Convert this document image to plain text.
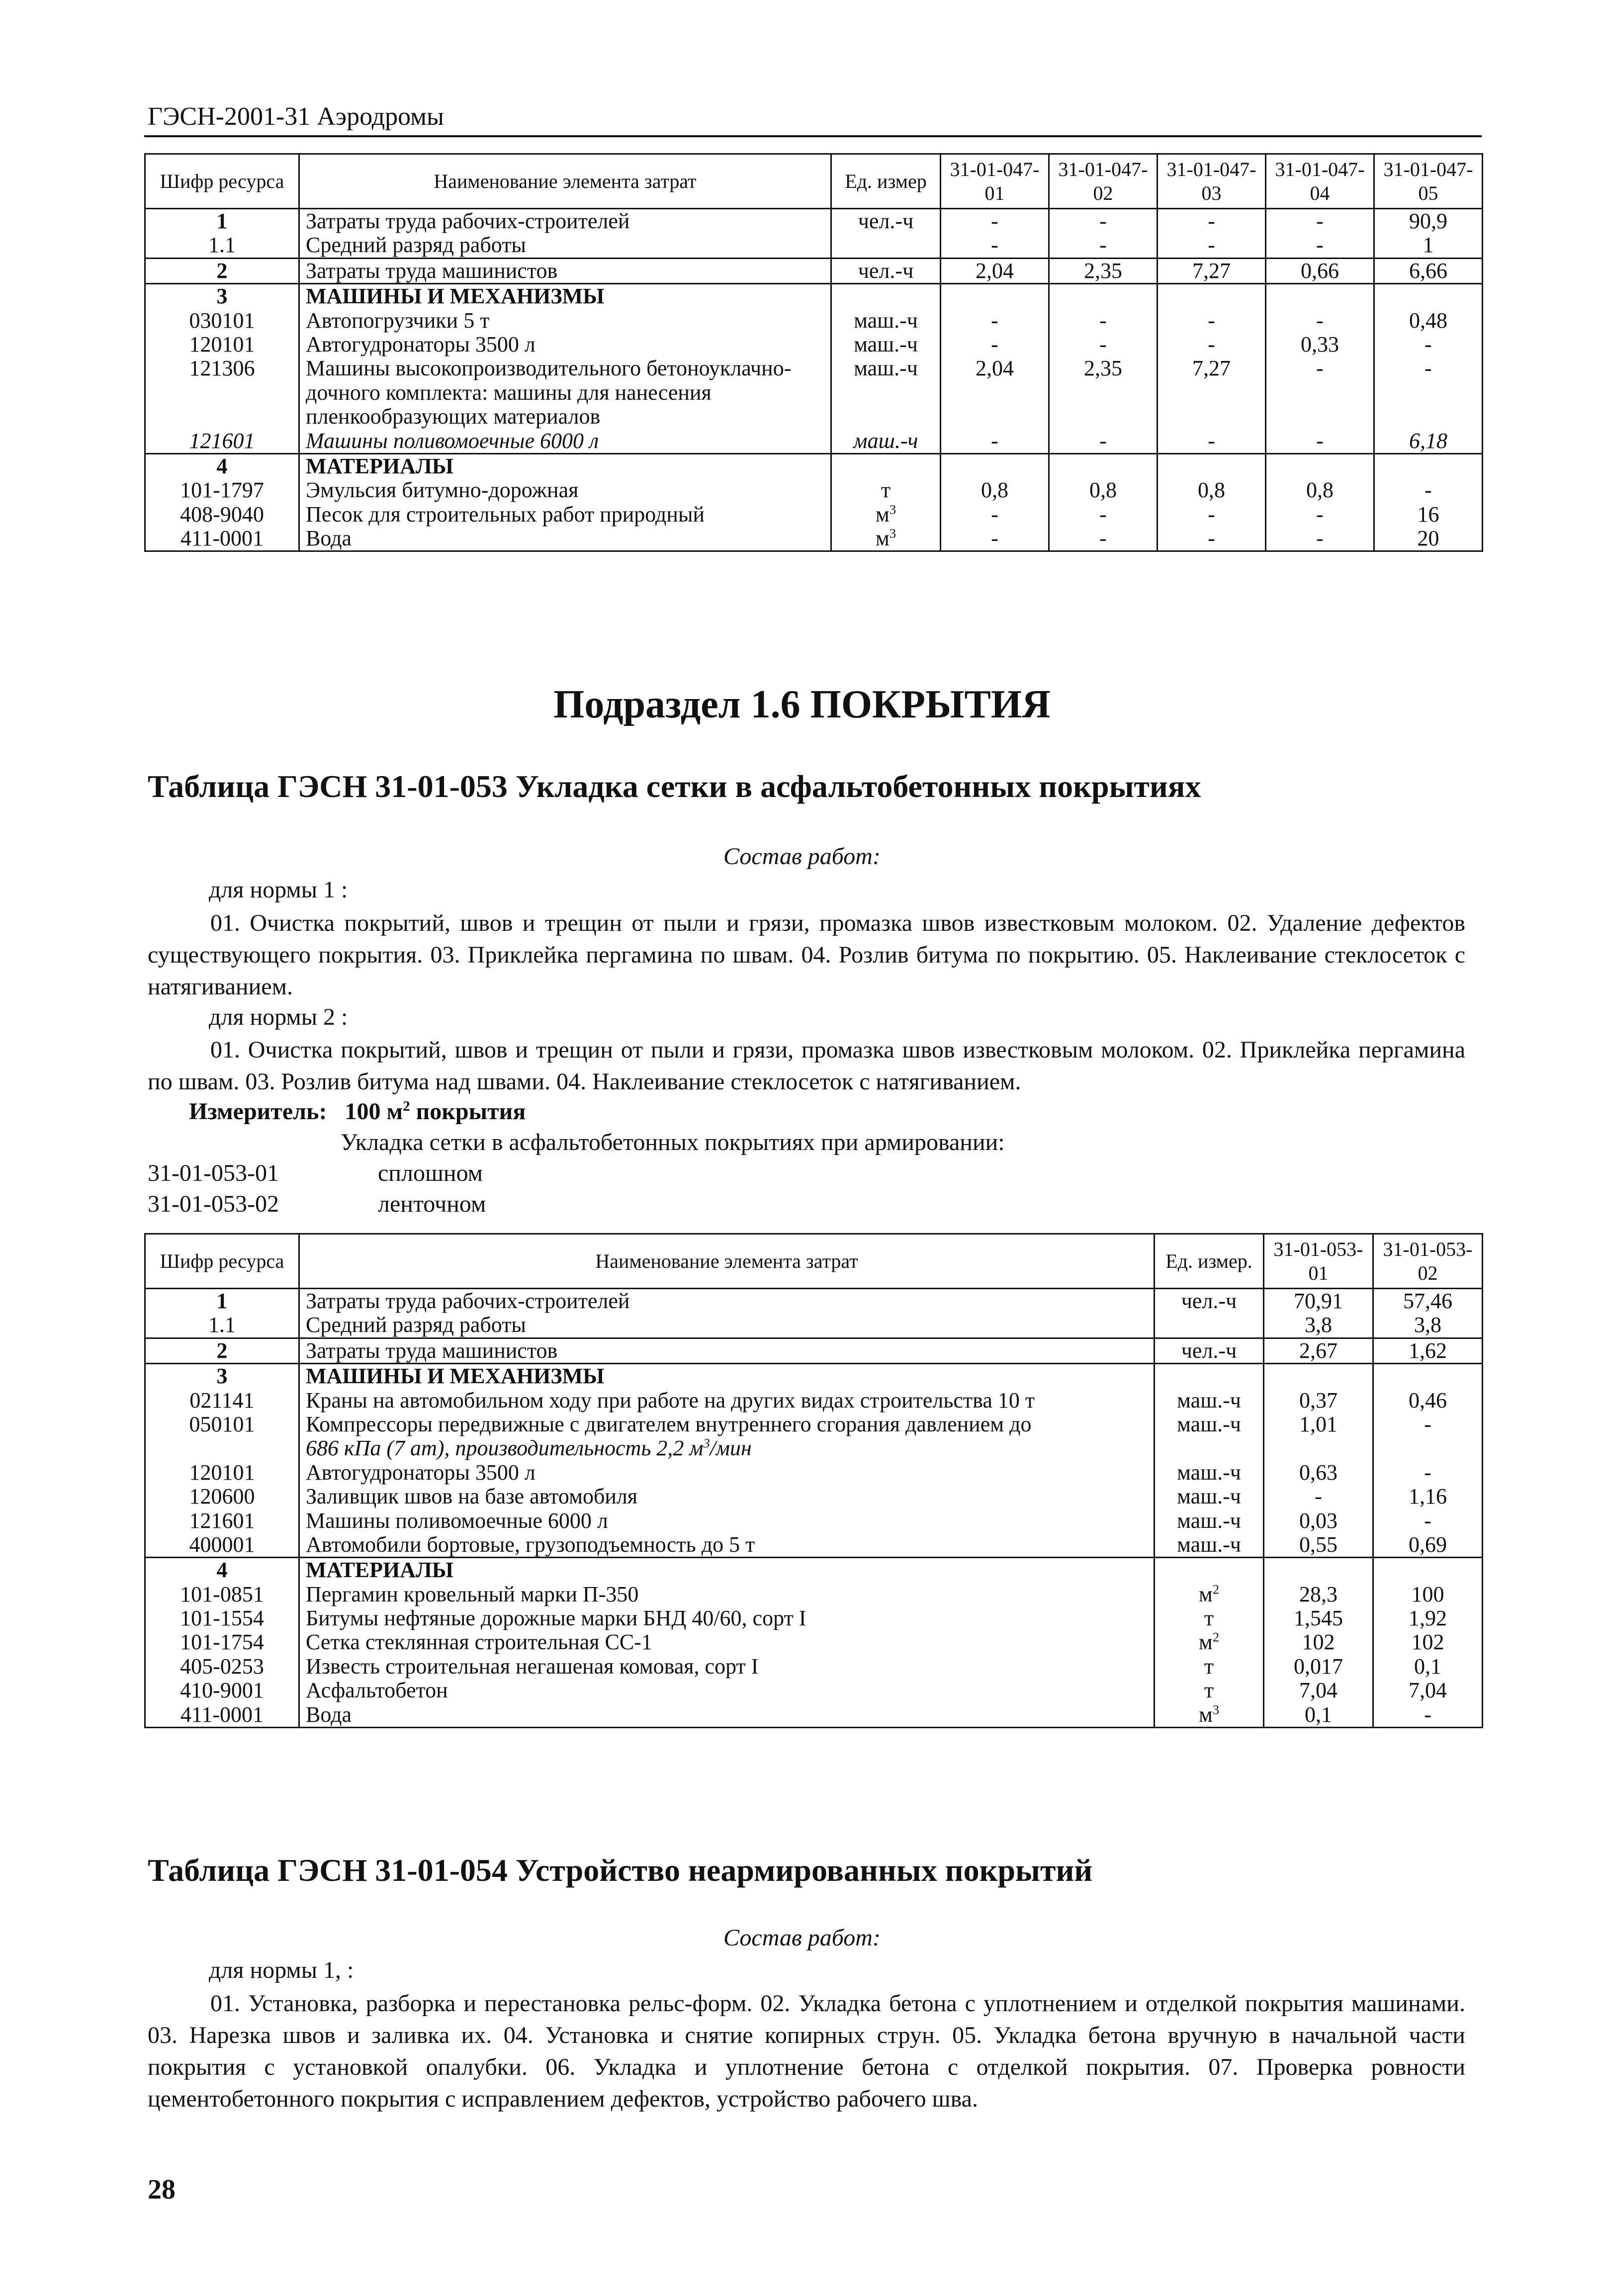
ГЭСН-2001-31 Аэродромы
Шифр ресурса	Наименование элемента затрат	Ед. измер	31-01-047-01	31-01-047-02	31-01-047-03	31-01-047-04	31-01-047-05
1	Затраты труда рабочих-строителей	чел.-ч	-	-	-	-	90,9
1.1	Средний разряд работы		-	-	-	-	1
2	Затраты труда машинистов	чел.-ч	2,04	2,35	7,27	0,66	6,66
3	МАШИНЫ И МЕХАНИЗМЫ						
030101	Автопогрузчики 5 т	маш.-ч	-	-	-	-	0,48
120101	Автогудронаторы 3500 л	маш.-ч	-	-	-	0,33	-
121306	Машины высокопроизводительного бетоноуклачно-дочного комплекта: машины для нанесения пленкообразующих материалов	маш.-ч	2,04	2,35	7,27	-	-
121601	Машины поливомоечные 6000 л	маш.-ч	-	-	-	-	6,18
4	МАТЕРИАЛЫ						
101-1797	Эмульсия битумно-дорожная	т	0,8	0,8	0,8	0,8	-
408-9040	Песок для строительных работ природный	$м^3$	-	-	-	-	16
411-0001	Вода	$м^3$	-	-	-	-	20
Подраздел 1.6 ПОКРЫТИЯ
Таблица ГЭСН 31-01-053 Укладка сетки в асфальтобетонных покрытиях
Состав работ:
для нормы 1 :
01. Очистка покрытий, швов и трещин от пыли и грязи, промазка швов известковым молоком. 02. Удаление дефектов существующего покрытия. 03. Приклейка пергамина по швам. 04. Розлив битума по покрытию. 05. Наклеивание стеклосеток с натягиванием.
для нормы 2 :
01. Очистка покрытий, швов и трещин от пыли и грязи, промазка швов известковым молоком. 02. Приклейка пергамина по швам. 03. Розлив битума над швами. 04. Наклеивание стеклосеток с натягиванием.
Измеритель: 100 $м^2$ покрытия
Укладка сетки в асфальтобетонных покрытиях при армировании:
31-01-053-01	сплошном
31-01-053-02	ленточном
Шифр ресурса	Наименование элемента затрат	Ед. измер.	31-01-053-01	31-01-053-02
1	Затраты труда рабочих-строителей	чел.-ч	70,91	57,46
1.1	Средний разряд работы		3,8	3,8
2	Затраты труда машинистов	чел.-ч	2,67	1,62
3	МАШИНЫ И МЕХАНИЗМЫ			
021141	Краны на автомобильном ходу при работе на других видах строительства 10 т	маш.-ч	0,37	0,46
050101	Компрессоры передвижные с двигателем внутреннего сгорания давлением до
686 кПа (7 ат), производительность 2,2 $м^3$/мин	маш.-ч	1,01	-
120101	Автогудронаторы 3500 л	маш.-ч	0,63	-
120600	Заливщик швов на базе автомобиля	маш.-ч	-	1,16
121601	Машины поливомоечные 6000 л	маш.-ч	0,03	-
400001	Автомобили бортовые, грузоподъемность до 5 т	маш.-ч	0,55	0,69
4	МАТЕРИАЛЫ			
101-0851	Пергамин кровельный марки П-350	$м^2$	28,3	100
101-1554	Битумы нефтяные дорожные марки БНД 40/60, сорт I	т	1,545	1,92
101-1754	Сетка стеклянная строительная СС-1	$м^2$	102	102
405-0253	Известь строительная негашеная комовая, сорт I	т	0,017	0,1
410-9001	Асфальтобетон	т	7,04	7,04
411-0001	Вода	$м^3$	0,1	-
Таблица ГЭСН 31-01-054 Устройство неармированных покрытий
Состав работ:
для нормы 1, :
01. Установка, разборка и перестановка рельс-форм. 02. Укладка бетона с уплотнением и отделкой покрытия машинами. 03. Нарезка швов и заливка их. 04. Установка и снятие копирных струн. 05. Укладка бетона вручную в начальной части покрытия с установкой опалубки. 06. Укладка и уплотнение бетона с отделкой покрытия. 07. Проверка ровности цементобетонного покрытия с исправлением дефектов, устройство рабочего шва.
28
